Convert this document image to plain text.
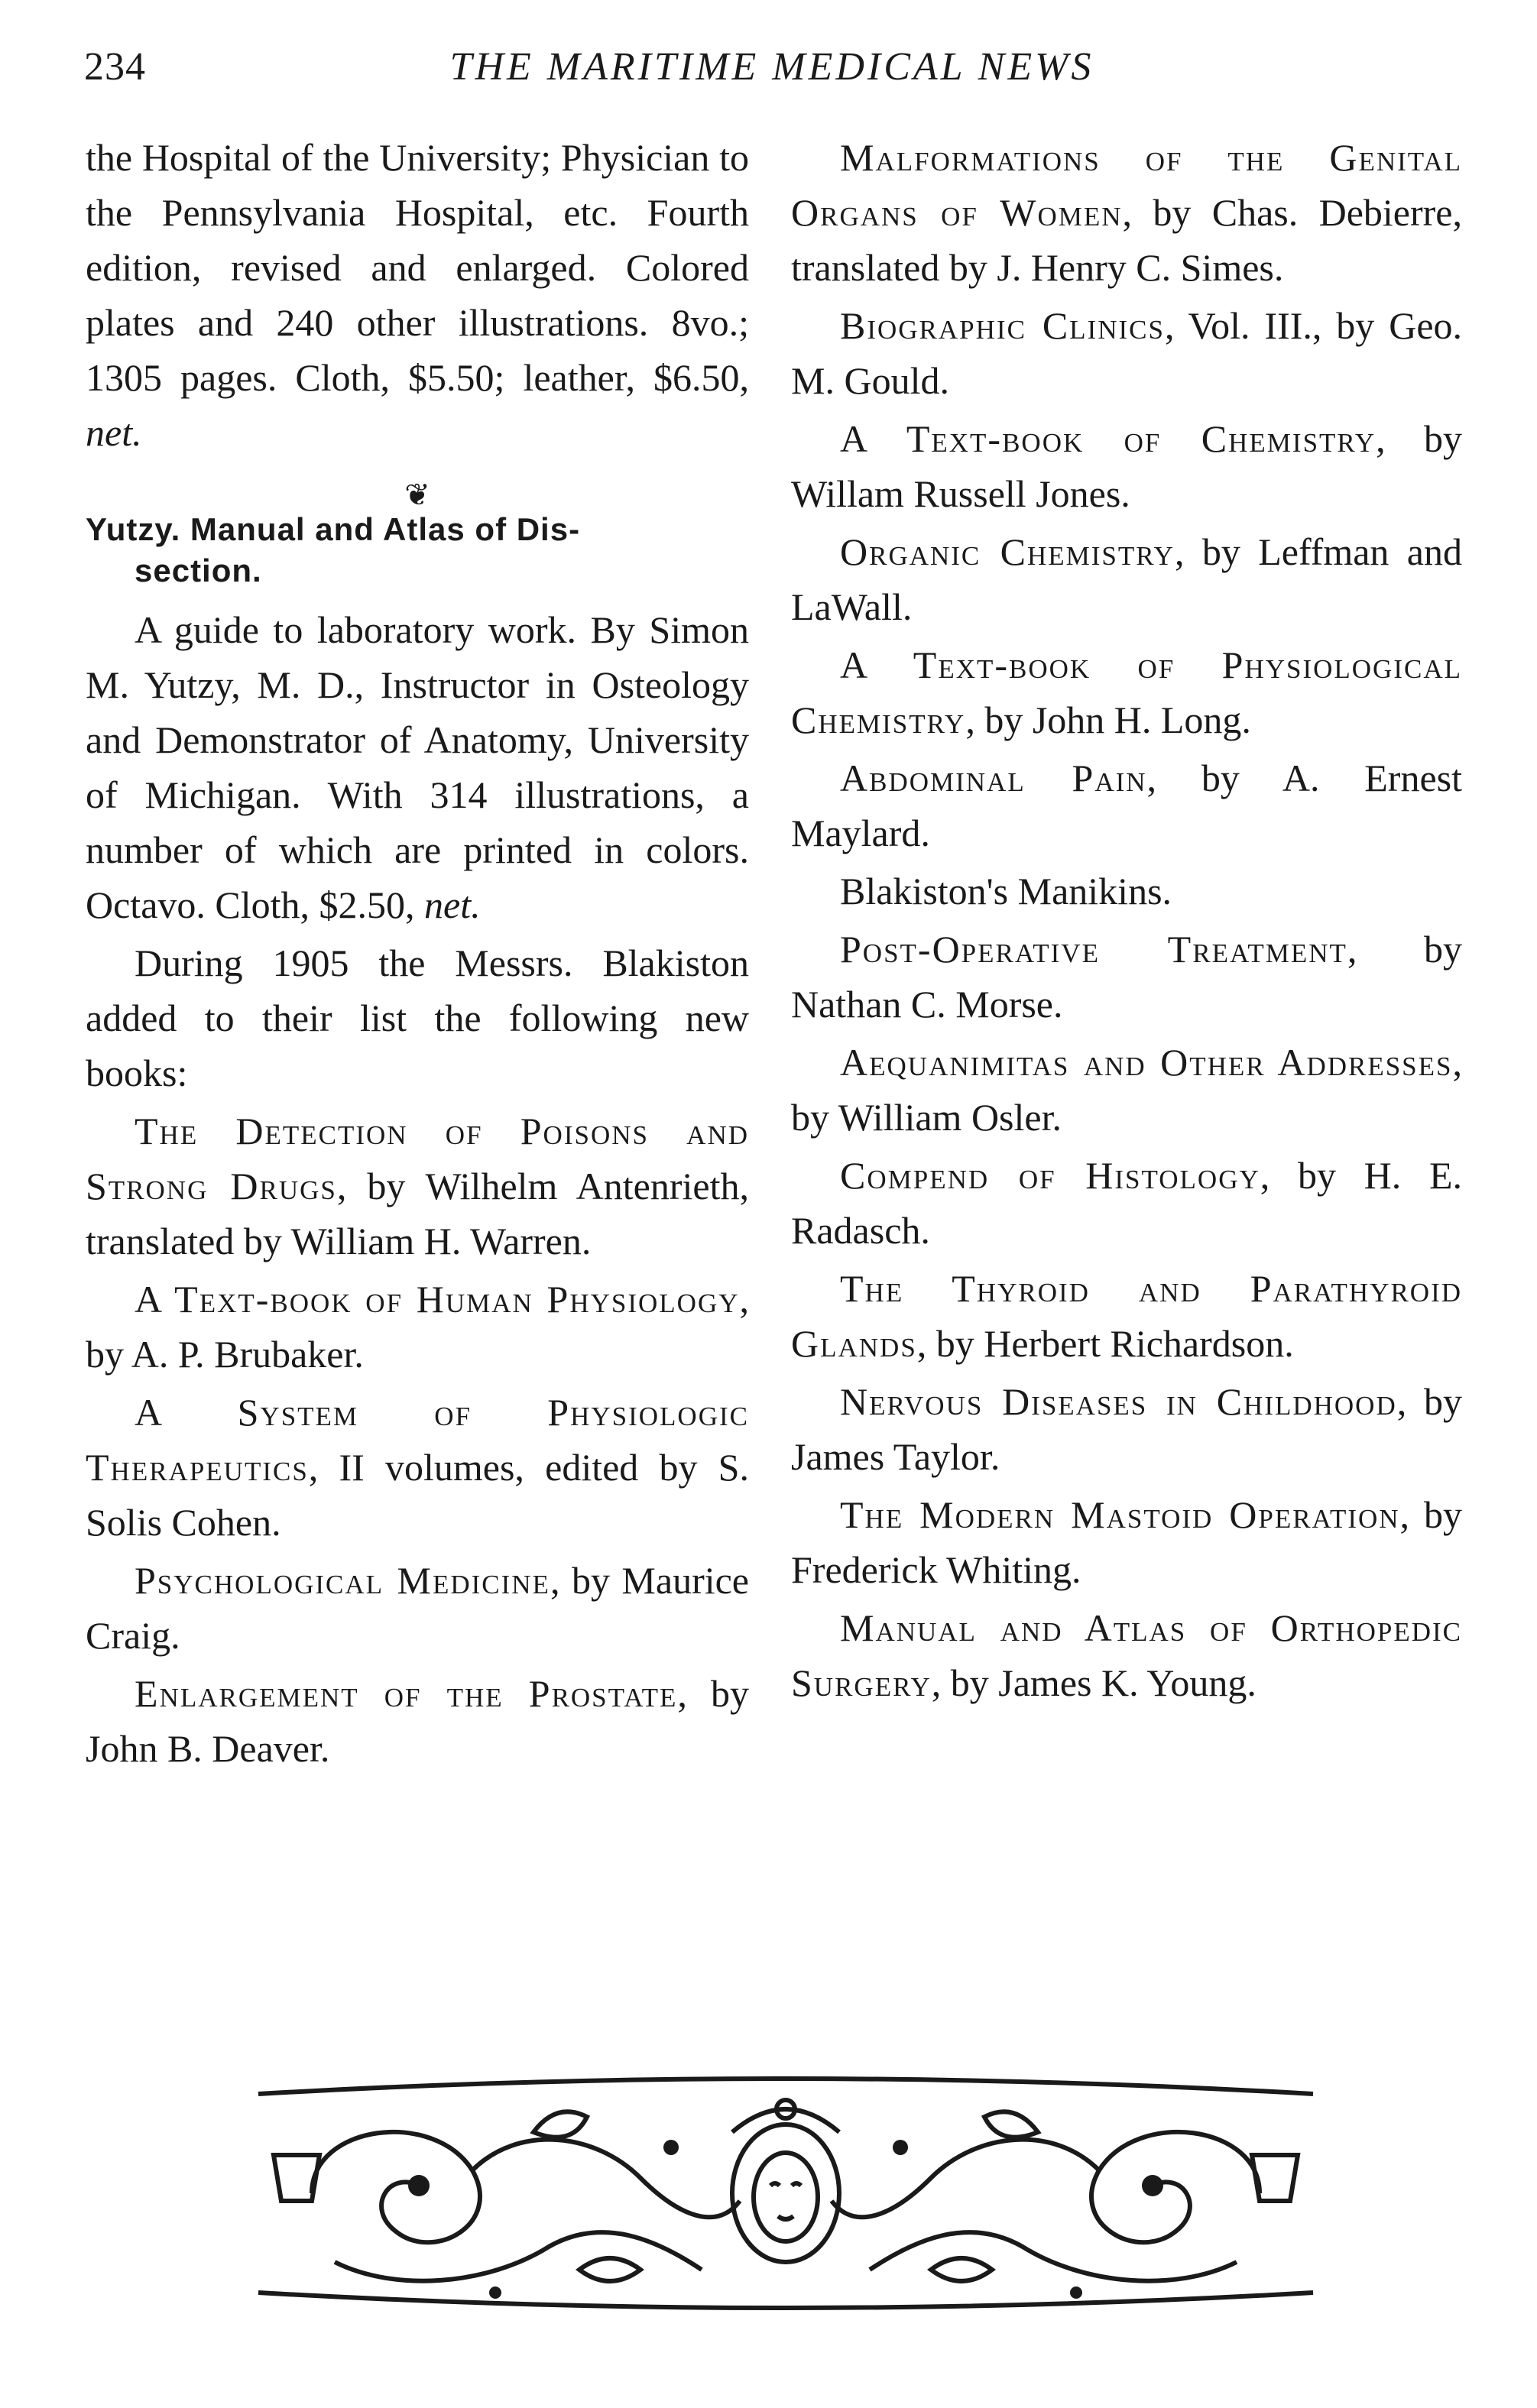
234	THE MARITIME MEDICAL NEWS

the Hospital of the University; Physician to the Pennsylvania Hospital, etc. Fourth edition, revised and enlarged. Colored plates and 240 other illustrations. 8vo.; 1305 pages. Cloth, $5.50; leather, $6.50, net.

❦
Yutzy. Manual and Atlas of Dis-
section.

A guide to laboratory work. By Simon M. Yutzy, M. D., Instructor in Osteology and Demonstrator of Anatomy, University of Michigan. With 314 illustrations, a number of which are printed in colors. Octavo. Cloth, $2.50, net.

During 1905 the Messrs. Blakiston added to their list the following new books:

The Detection of Poisons and Strong Drugs, by Wilhelm Antenrieth, translated by William H. Warren.

A Text-book of Human Physiology, by A. P. Brubaker.

A System of Physiologic Therapeutics, II volumes, edited by S. Solis Cohen.

Psychological Medicine, by Maurice Craig.

Enlargement of the Prostate, by John B. Deaver.

Malformations of the Genital Organs of Women, by Chas. Debierre, translated by J. Henry C. Simes.

Biographic Clinics, Vol. III., by Geo. M. Gould.

A Text-book of Chemistry, by Willam Russell Jones.

Organic Chemistry, by Leffman and LaWall.

A Text-book of Physiological Chemistry, by John H. Long.

Abdominal Pain, by A. Ernest Maylard.

Blakiston's Manikins.

Post-Operative Treatment, by Nathan C. Morse.

Aequanimitas and Other Addresses, by William Osler.

Compend of Histology, by H. E. Radasch.

The Thyroid and Parathyroid Glands, by Herbert Richardson.

Nervous Diseases in Childhood, by James Taylor.

The Modern Mastoid Operation, by Frederick Whiting.

Manual and Atlas of Orthopedic Surgery, by James K. Young.
